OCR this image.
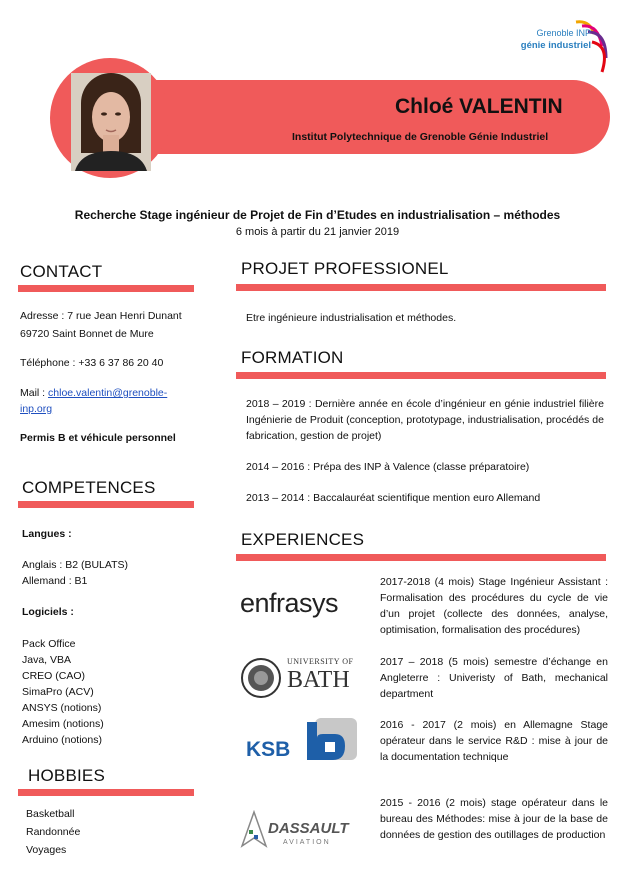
Grenoble INP
génie industriel
Chloé VALENTIN
Institut Polytechnique de Grenoble Génie Industriel
Recherche Stage ingénieur de Projet de Fin d’Etudes en industrialisation – méthodes
6 mois à partir du 21 janvier 2019
CONTACT
Adresse : 7 rue Jean Henri Dunant
69720 Saint Bonnet de Mure
Téléphone : +33 6 37 86 20 40
Mail : chloe.valentin@grenoble-
inp.org
Permis B et véhicule personnel
COMPETENCES
Langues :
Anglais : B2 (BULATS)
Allemand : B1
Logiciels :
Pack Office
Java, VBA
CREO (CAO)
SimaPro (ACV)
ANSYS (notions)
Amesim (notions)
Arduino (notions)
HOBBIES
Basketball
Randonnée
Voyages
PROJET PROFESSIONEL
Etre ingénieure industrialisation et méthodes.
FORMATION
2018 – 2019 : Dernière année en école d’ingénieur en génie industriel filière Ingénierie de Produit (conception, prototypage, industrialisation, procédés de fabrication, gestion de projet)
2014 – 2016 : Prépa des INP à Valence (classe préparatoire)
2013 – 2014 : Baccalauréat scientifique mention euro Allemand
EXPERIENCES
enfrasys
2017-2018 (4 mois) Stage Ingénieur Assistant : Formalisation des procédures du cycle de vie d’un projet (collecte des données, analyse, optimisation, formalisation des procédures)
UNIVERSITY OF
BATH
2017 – 2018 (5 mois) semestre d’échange en Angleterre : Univeristy of Bath, mechanical department
KSB
2016 - 2017 (2 mois) en Allemagne Stage opérateur dans le service R&D : mise à jour de la documentation technique
DASSAULT
AVIATION
2015 - 2016 (2 mois) stage opérateur dans le bureau des Méthodes: mise à jour de la base de données de gestion des outillages de production
